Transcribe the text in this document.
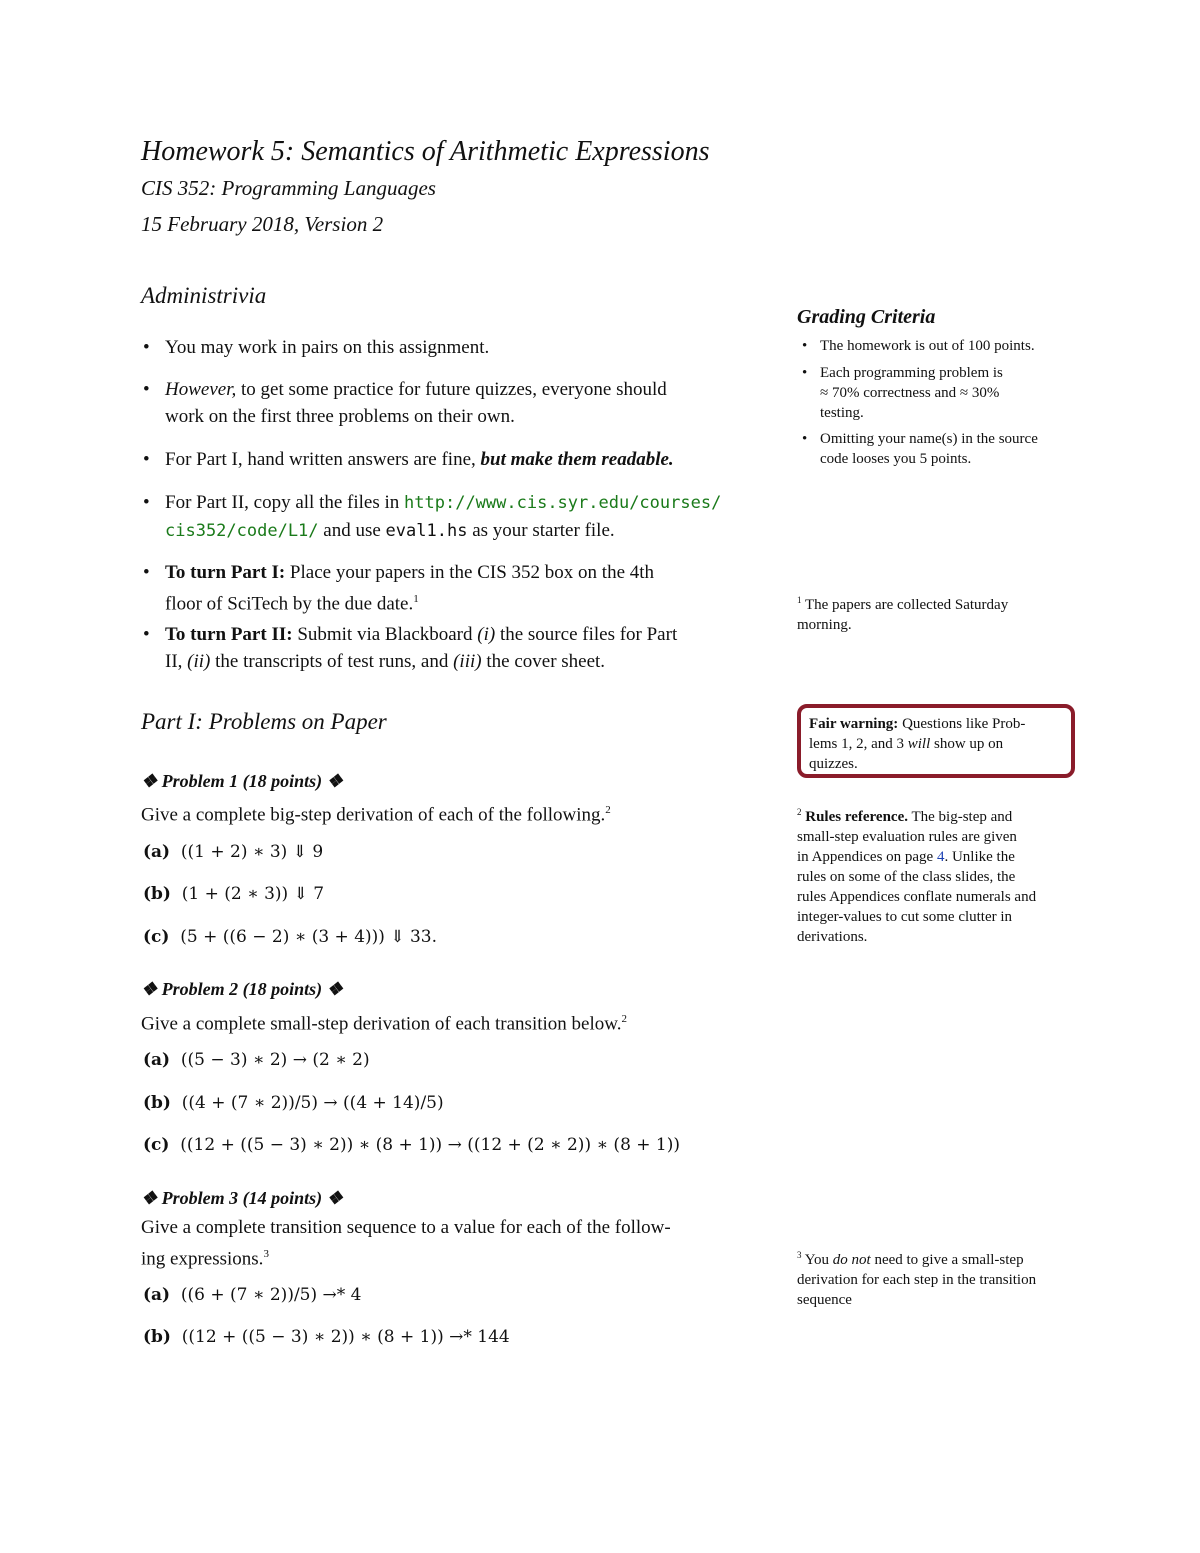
Homework 5: Semantics of Arithmetic Expressions
CIS 352: Programming Languages
15 February 2018, Version 2
Administrivia
• You may work in pairs on this assignment.
• However, to get some practice for future quizzes, everyone should
work on the first three problems on their own.
• For Part I, hand written answers are fine, but make them readable.
• For Part II, copy all the files in http://www.cis.syr.edu/courses/
cis352/code/L1/ and use eval1.hs as your starter file.
• To turn Part I: Place your papers in the CIS 352 box on the 4th
floor of SciTech by the due date.$^1$
• To turn Part II: Submit via Blackboard (i) the source files for Part
II, (ii) the transcripts of test runs, and (iii) the cover sheet.
Part I: Problems on Paper
❖ Problem 1 (18 points) ❖
Give a complete big-step derivation of each of the following.$^2$
(a) ((1 + 2) ∗ 3) ⇓ 9
(b) (1 + (2 ∗ 3)) ⇓ 7
(c) (5 + ((6 − 2) ∗ (3 + 4))) ⇓ 33.
❖ Problem 2 (18 points) ❖
Give a complete small-step derivation of each transition below.$^2$
(a) ((5 − 3) ∗ 2) → (2 ∗ 2)
(b) ((4 + (7 ∗ 2))/5) → ((4 + 14)/5)
(c) ((12 + ((5 − 3) ∗ 2)) ∗ (8 + 1)) → ((12 + (2 ∗ 2)) ∗ (8 + 1))
❖ Problem 3 (14 points) ❖
Give a complete transition sequence to a value for each of the follow-
ing expressions.$^3$
(a) ((6 + (7 ∗ 2))/5) →* 4
(b) ((12 + ((5 − 3) ∗ 2)) ∗ (8 + 1)) →* 144
Grading Criteria
• The homework is out of 100 points.
• Each programming problem is
≈ 70% correctness and ≈ 30%
testing.
• Omitting your name(s) in the source
code looses you 5 points.
$^1$ The papers are collected Saturday
morning.
Fair warning: Questions like Prob-
lems 1, 2, and 3 will show up on
quizzes.
$^2$ Rules reference. The big-step and
small-step evaluation rules are given
in Appendices on page 4. Unlike the
rules on some of the class slides, the
rules Appendices conflate numerals and
integer-values to cut some clutter in
derivations.
$^3$ You do not need to give a small-step
derivation for each step in the transition
sequence
